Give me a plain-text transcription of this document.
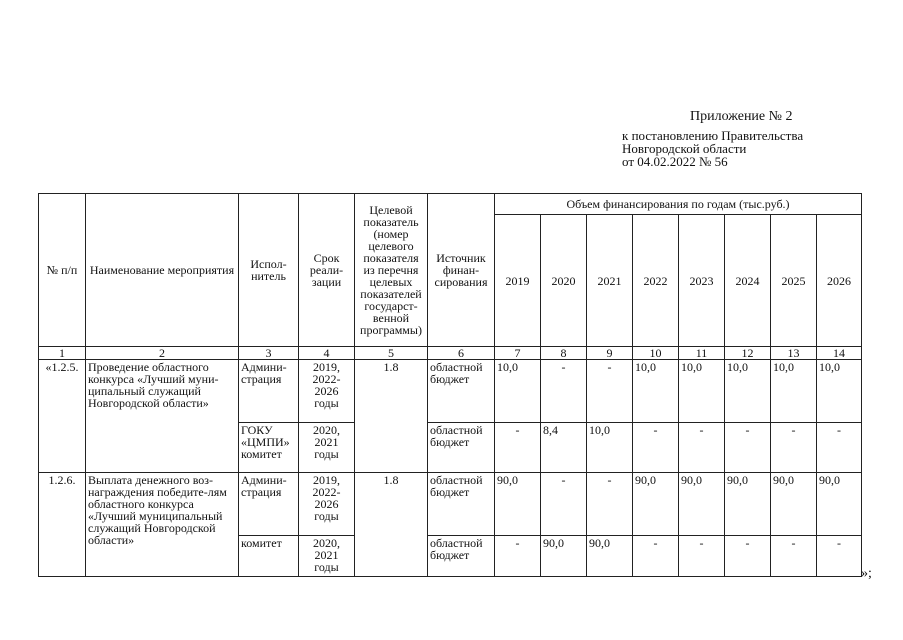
Приложение № 2
к постановлению Правительства
Новгородской области
от 04.02.2022 № 56
№ п/п	Наименование мероприятия	Испол-нитель	Срок реали-зации	Целевой показатель (номер целевого показателя из перечня целевых показателей государст-венной программы)	Источник финан-сирования	Объем финансирования по годам (тыс.руб.)							
						2019	2020	2021	2022	2023	2024	2025	2026
1	2	3	4	5	6	7	8	9	10	11	12	13	14
«1.2.5.	Проведение областного конкурса «Лучший муни-ципальный служащий Новгородской области»	Админи-страция	2019, 2022-2026 годы	1.8	областной бюджет	10,0	-	-	10,0	10,0	10,0	10,0	10,0
		ГОКУ «ЦМПИ» комитет	2020, 2021 годы		областной бюджет	-	8,4	10,0	-	-	-	-	-
1.2.6.	Выплата денежного воз-награждения победите-лям областного конкурса «Лучший муниципальный служащий Новгородской области»	Админи-страция	2019, 2022-2026 годы	1.8	областной бюджет	90,0	-	-	90,0	90,0	90,0	90,0	90,0
		комитет	2020, 2021 годы		областной бюджет	-	90,0	90,0	-	-	-	-	-
»;
